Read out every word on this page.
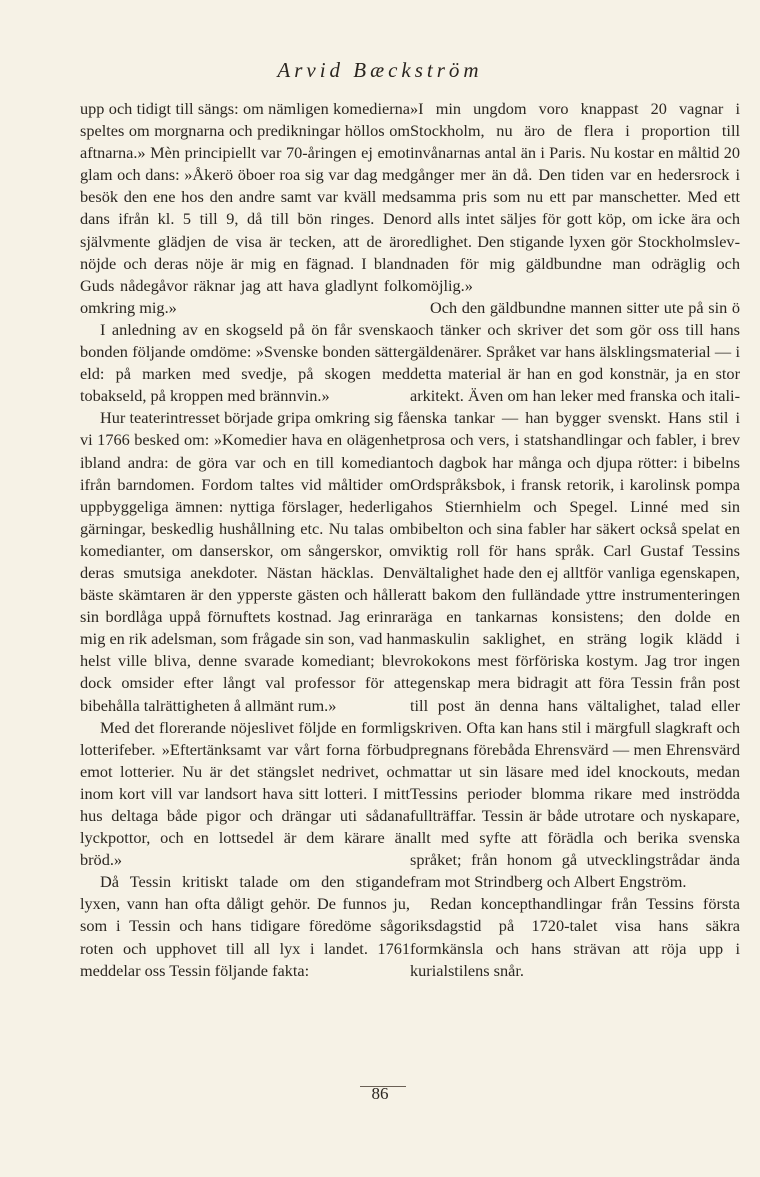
Arvid Bæckström

upp och tidigt till sängs: om nämligen komedierna speltes om morgnarna och predikningar höllos om aftnarna.» Mèn principiellt var 70-åringen ej emot glam och dans: »Åkerö öboer roa sig var dag med besök den ene hos den andre samt var kväll med dans ifrån kl. 5 till 9, då till bön ringes. Den självmente glädjen de visa är tecken, att de äro nöjde och deras nöje är mig en fägnad. I bland Guds nådegåvor räknar jag att hava gladlynt folk omkring mig.»

I anledning av en skogseld på ön får svenska bonden följande omdöme: »Svenske bonden sätter eld: på marken med svedje, på skogen med tobakseld, på kroppen med brännvin.»

Hur teaterintresset började gripa omkring sig få vi 1766 besked om: »Komedier hava en olägenhet ibland andra: de göra var och en till komediant ifrån barndomen. Fordom taltes vid måltider om uppbyggeliga ämnen: nyttiga förslager, hederliga gärningar, beskedlig hushållning etc. Nu talas om komedianter, om danserskor, om sångerskor, om deras smutsiga anekdoter. Nästan häcklas. Den bäste skämtaren är den ypperste gästen och håller sin bordlåga uppå förnuftets kostnad. Jag erinrar mig en rik adelsman, som frågade sin son, vad han helst ville bliva, denne svarade komediant; blev dock omsider efter långt val professor för att bibehålla talrättigheten å allmänt rum.»

Med det florerande nöjeslivet följde en formlig lotterifeber. »Eftertänksamt var vårt forna förbud emot lotterier. Nu är det stängslet nedrivet, och inom kort vill var landsort hava sitt lotteri. I mitt hus deltaga både pigor och drängar uti sådana lyckpottor, och en lottsedel är dem kärare än bröd.»

Då Tessin kritiskt talade om den stigande lyxen, vann han ofta dåligt gehör. De funnos ju, som i Tessin och hans tidigare föredöme sågo roten och upphovet till all lyx i landet. 1761 meddelar oss Tessin följande fakta:

»I min ungdom voro knappast 20 vagnar i Stockholm, nu äro de flera i proportion till invånarnas antal än i Paris. Nu kostar en måltid 20 gånger mer än då. Den tiden var en hedersrock i samma pris som nu ett par manschetter. Med ett ord alls intet säljes för gott köp, om icke ära och redlighet. Den stigande lyxen gör Stockholmslevnaden för mig gäldbundne man odräglig och omöjlig.»

Och den gäldbundne mannen sitter ute på sin ö och tänker och skriver det som gör oss till hans gäldenärer. Språket var hans älsklingsmaterial — i detta material är han en god konstnär, ja en stor arkitekt. Även om han leker med franska och italienska tankar — han bygger svenskt. Hans stil i prosa och vers, i statshandlingar och fabler, i brev och dagbok har många och djupa rötter: i bibelns Ordspråksbok, i fransk retorik, i karolinsk pompa hos Stiernhielm och Spegel. Linné med sin bibelton och sina fabler har säkert också spelat en viktig roll för hans språk. Carl Gustaf Tessins vältalighet hade den ej alltför vanliga egenskapen, att bakom den fulländade yttre instrumenteringen äga en tankarnas konsistens; den dolde en maskulin saklighet, en sträng logik klädd i rokokons mest förföriska kostym. Jag tror ingen egenskap mera bidragit att föra Tessin från post till post än denna hans vältalighet, talad eller skriven. Ofta kan hans stil i märgfull slagkraft och pregnans förebåda Ehrensvärd — men Ehrensvärd mattar ut sin läsare med idel knockouts, medan Tessins perioder blomma rikare med inströdda fullträffar. Tessin är både utrotare och nyskapare, allt med syfte att förädla och berika svenska språket; från honom gå utvecklingstrådar ända fram mot Strindberg och Albert Engström.

Redan koncepthandlingar från Tessins första riksdagstid på 1720-talet visa hans säkra formkänsla och hans strävan att röja upp i kurialstilens snår.

86
